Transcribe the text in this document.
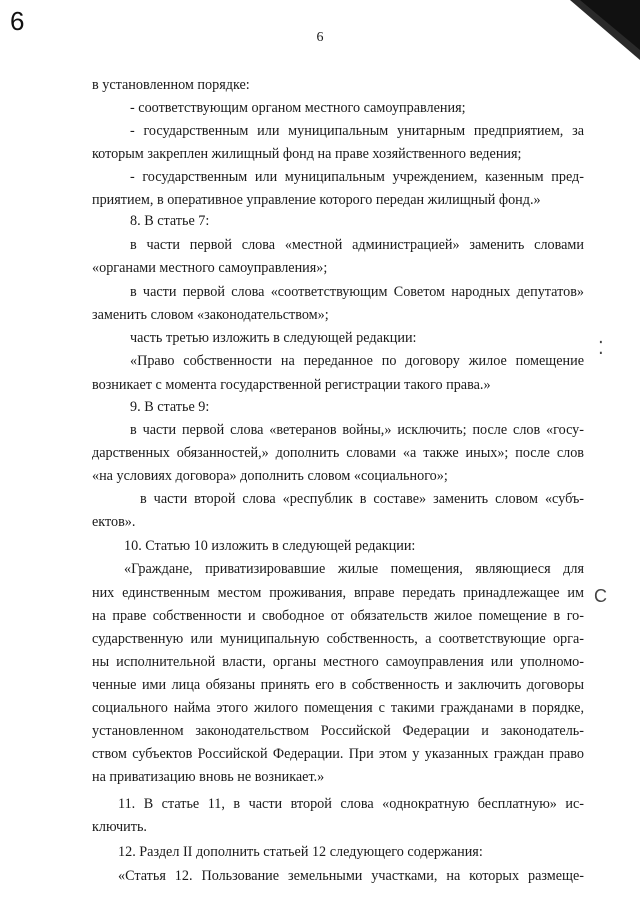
6
6
⁚
C
в установленном порядке:
- соответствующим органом местного самоуправления;
- государственным или муниципальным унитарным предприятием, за
которым закреплен жилищный фонд на праве хозяйственного ведения;
- государственным или муниципальным учреждением, казенным пред-
приятием, в оперативное управление которого передан жилищный фонд.»
8. В статье 7:
в части первой слова «местной администрацией» заменить словами
«органами местного самоуправления»;
в части первой слова «соответствующим Советом народных депутатов»
заменить словом «законодательством»;
часть третью изложить в следующей редакции:
«Право собственности на переданное по договору жилое помещение
возникает с момента государственной регистрации такого права.»
9. В статье 9:
в части первой слова «ветеранов войны,» исключить; после слов «госу-
дарственных обязанностей,» дополнить словами «а также иных»; после слов
«на условиях договора» дополнить словом «социального»;
в части второй слова «республик в составе» заменить словом «субъ-
ектов».
10. Статью 10 изложить в следующей редакции:
«Граждане, приватизировавшие жилые помещения, являющиеся для
них единственным местом проживания, вправе передать принадлежащее им
на праве собственности и свободное от обязательств жилое помещение в го-
сударственную или муниципальную собственность, а соответствующие орга-
ны исполнительной власти, органы местного самоуправления или уполномо-
ченные ими лица обязаны принять его в собственность и заключить договоры
социального найма этого жилого помещения с такими гражданами в порядке,
установленном законодательством Российской Федерации и законодатель-
ством субъектов Российской Федерации. При этом у указанных граждан право
на приватизацию вновь не возникает.»
11. В статье 11, в части второй слова «однократную бесплатную» ис-
ключить.
12. Раздел II дополнить статьей 12 следующего содержания:
«Статья 12. Пользование земельными участками, на которых размеще-
